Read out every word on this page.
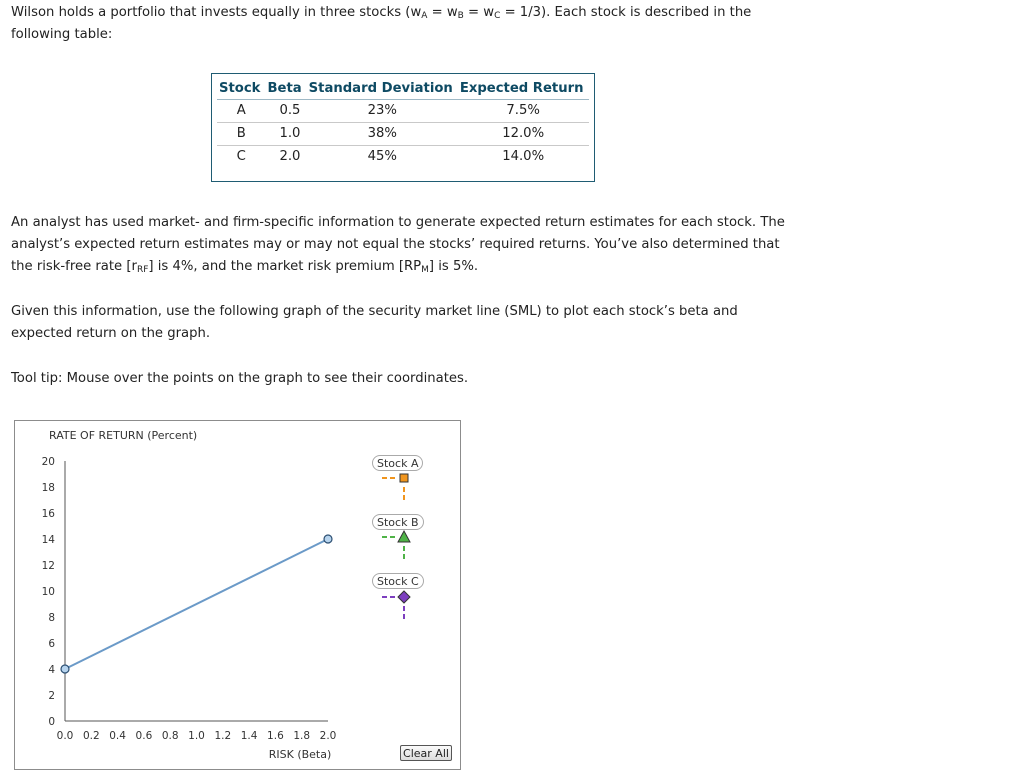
Wilson holds a portfolio that invests equally in three stocks $(w_A = w_B = w_C = 1/3)$. Each stock is described in the
following table:

Stock	Beta	Standard Deviation	Expected Return
A	0.5	23%	7.5%
B	1.0	38%	12.0%
C	2.0	45%	14.0%

An analyst has used market- and firm-specific information to generate expected return estimates for each stock. The
analyst’s expected return estimates may or may not equal the stocks’ required returns. You’ve also determined that
the risk-free rate $[r_{RF}]$ is 4%, and the market risk premium $[RP_M]$ is 5%.

Given this information, use the following graph of the security market line (SML) to plot each stock’s beta and
expected return on the graph.

Tool tip: Mouse over the points on the graph to see their coordinates.

RATE OF RETURN (Percent)
20
18
16
14
12
10
8
6
4
2
0
0.0 0.2 0.4 0.6 0.8 1.0 1.2 1.4 1.6 1.8 2.0
RISK (Beta)
Stock A
Stock B
Stock C
Clear All
